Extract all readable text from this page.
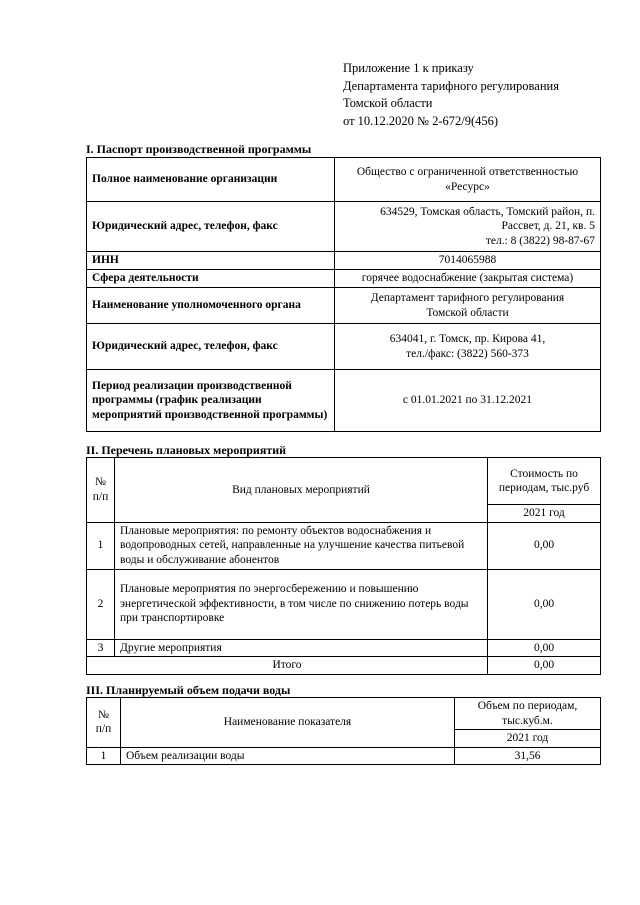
Приложение 1 к приказу
Департамента тарифного регулирования
Томской области
от 10.12.2020 № 2-672/9(456)
I. Паспорт производственной программы
Полное наименование организации	Общество с ограниченной ответственностью
«Ресурс»

Юридический адрес, телефон, факс	634529, Томская область, Томский район, п.
Рассвет, д. 21, кв. 5
тел.: 8 (3822) 98-87-67

ИНН	7014065988
Сфера деятельности	горячее водоснабжение (закрытая система)
Наименование уполномоченного органа	Департамент тарифного регулирования
Томской области

Юридический адрес, телефон, факс	634041, г. Томск, пр. Кирова 41,
тел./факс: (3822) 560-373

Период реализации производственной программы (график реализации мероприятий производственной программы)	с 01.01.2021 по 31.12.2021
II. Перечень плановых мероприятий
№ п/п	Вид плановых мероприятий	Стоимость по периодам, тыс.руб
		2021 год
1	Плановые мероприятия: по ремонту объектов водоснабжения и водопроводных сетей, направленные на улучшение качества питьевой воды и обслуживание абонентов	0,00
2	Плановые мероприятия по энергосбережению и повышению энергетической эффективности, в том числе по снижению потерь воды при транспортировке	0,00
3	Другие мероприятия	0,00
Итого		0,00
III. Планируемый объем подачи воды
№ п/п	Наименование показателя	Объем по периодам, тыс.куб.м.
		2021 год
1	Объем реализации воды	31,56
